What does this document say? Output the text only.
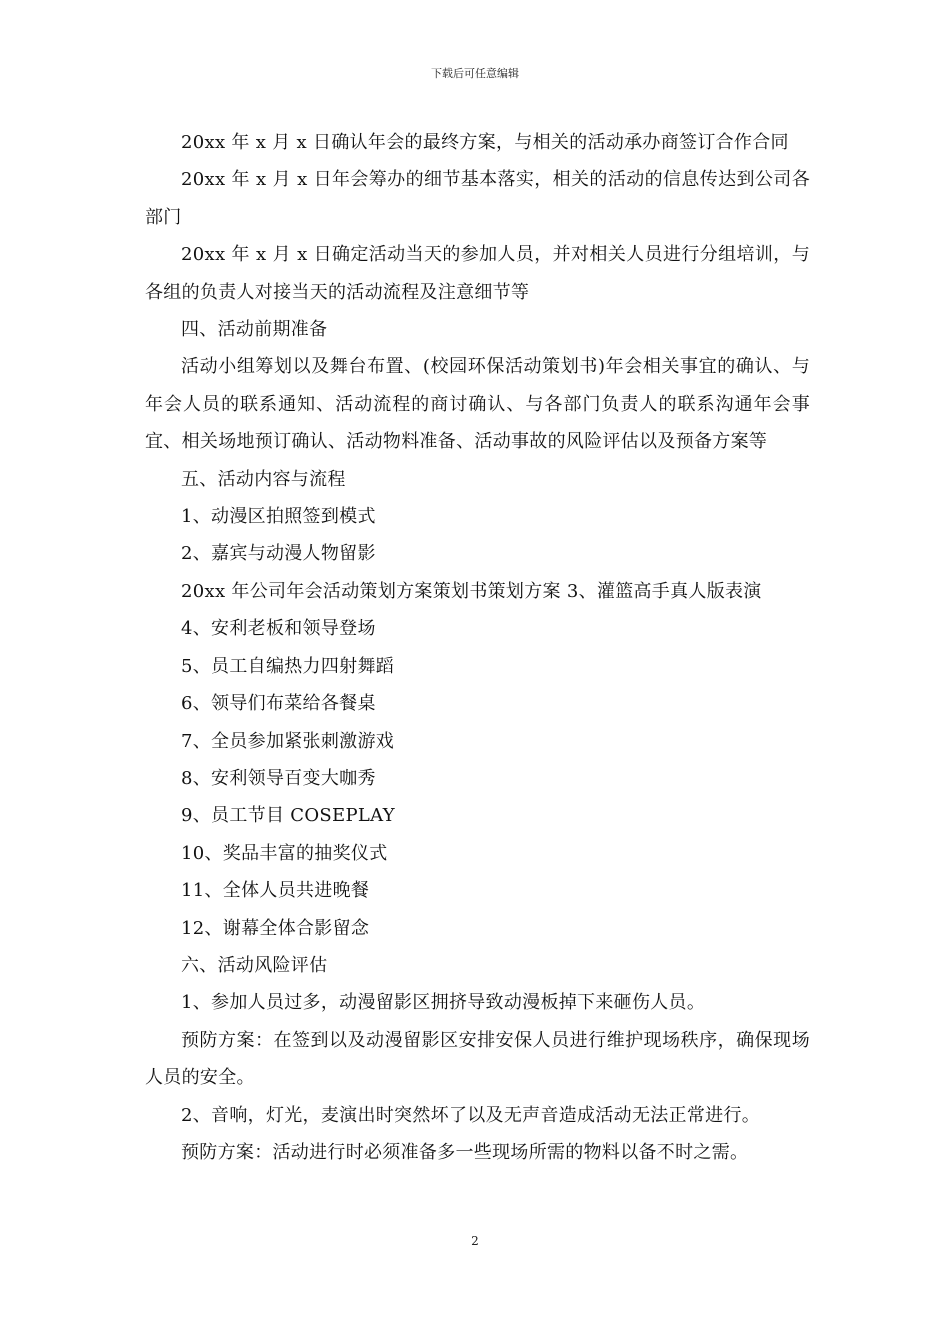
下载后可任意编辑

20xx 年 x 月 x 日确认年会的最终方案，与相关的活动承办商签订合作合同

20xx 年 x 月 x 日年会筹办的细节基本落实，相关的活动的信息传达到公司各部门

20xx 年 x 月 x 日确定活动当天的参加人员，并对相关人员进行分组培训，与各组的负责人对接当天的活动流程及注意细节等

四、活动前期准备

活动小组筹划以及舞台布置、(校园环保活动策划书)年会相关事宜的确认、与年会人员的联系通知、活动流程的商讨确认、与各部门负责人的联系沟通年会事宜、相关场地预订确认、活动物料准备、活动事故的风险评估以及预备方案等

五、活动内容与流程

1、动漫区拍照签到模式

2、嘉宾与动漫人物留影

20xx 年公司年会活动策划方案策划书策划方案 3、灌篮高手真人版表演

4、安利老板和领导登场

5、员工自编热力四射舞蹈

6、领导们布菜给各餐桌

7、全员参加紧张刺激游戏

8、安利领导百变大咖秀

9、员工节目 COSEPLAY

10、奖品丰富的抽奖仪式

11、全体人员共进晚餐

12、谢幕全体合影留念

六、活动风险评估

1、参加人员过多，动漫留影区拥挤导致动漫板掉下来砸伤人员。

预防方案：在签到以及动漫留影区安排安保人员进行维护现场秩序，确保现场人员的安全。

2、音响，灯光，麦演出时突然坏了以及无声音造成活动无法正常进行。

预防方案：活动进行时必须准备多一些现场所需的物料以备不时之需。

2
